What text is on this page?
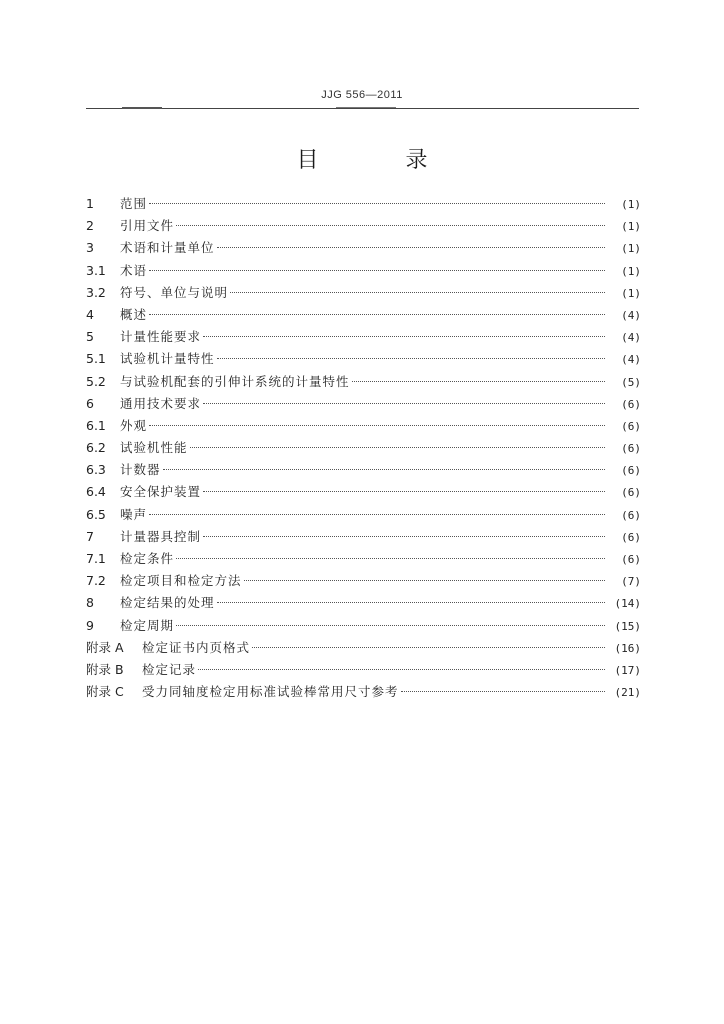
JJG 556—2011
目 录
1	范围	(1)
2	引用文件	(1)
3	术语和计量单位	(1)
3.1	术语	(1)
3.2	符号、单位与说明	(1)
4	概述	(4)
5	计量性能要求	(4)
5.1	试验机计量特性	(4)
5.2	与试验机配套的引伸计系统的计量特性	(5)
6	通用技术要求	(6)
6.1	外观	(6)
6.2	试验机性能	(6)
6.3	计数器	(6)
6.4	安全保护装置	(6)
6.5	噪声	(6)
7	计量器具控制	(6)
7.1	检定条件	(6)
7.2	检定项目和检定方法	(7)
8	检定结果的处理	(14)
9	检定周期	(15)
附录 A	检定证书内页格式	(16)
附录 B	检定记录	(17)
附录 C	受力同轴度检定用标准试验棒常用尺寸参考	(21)
